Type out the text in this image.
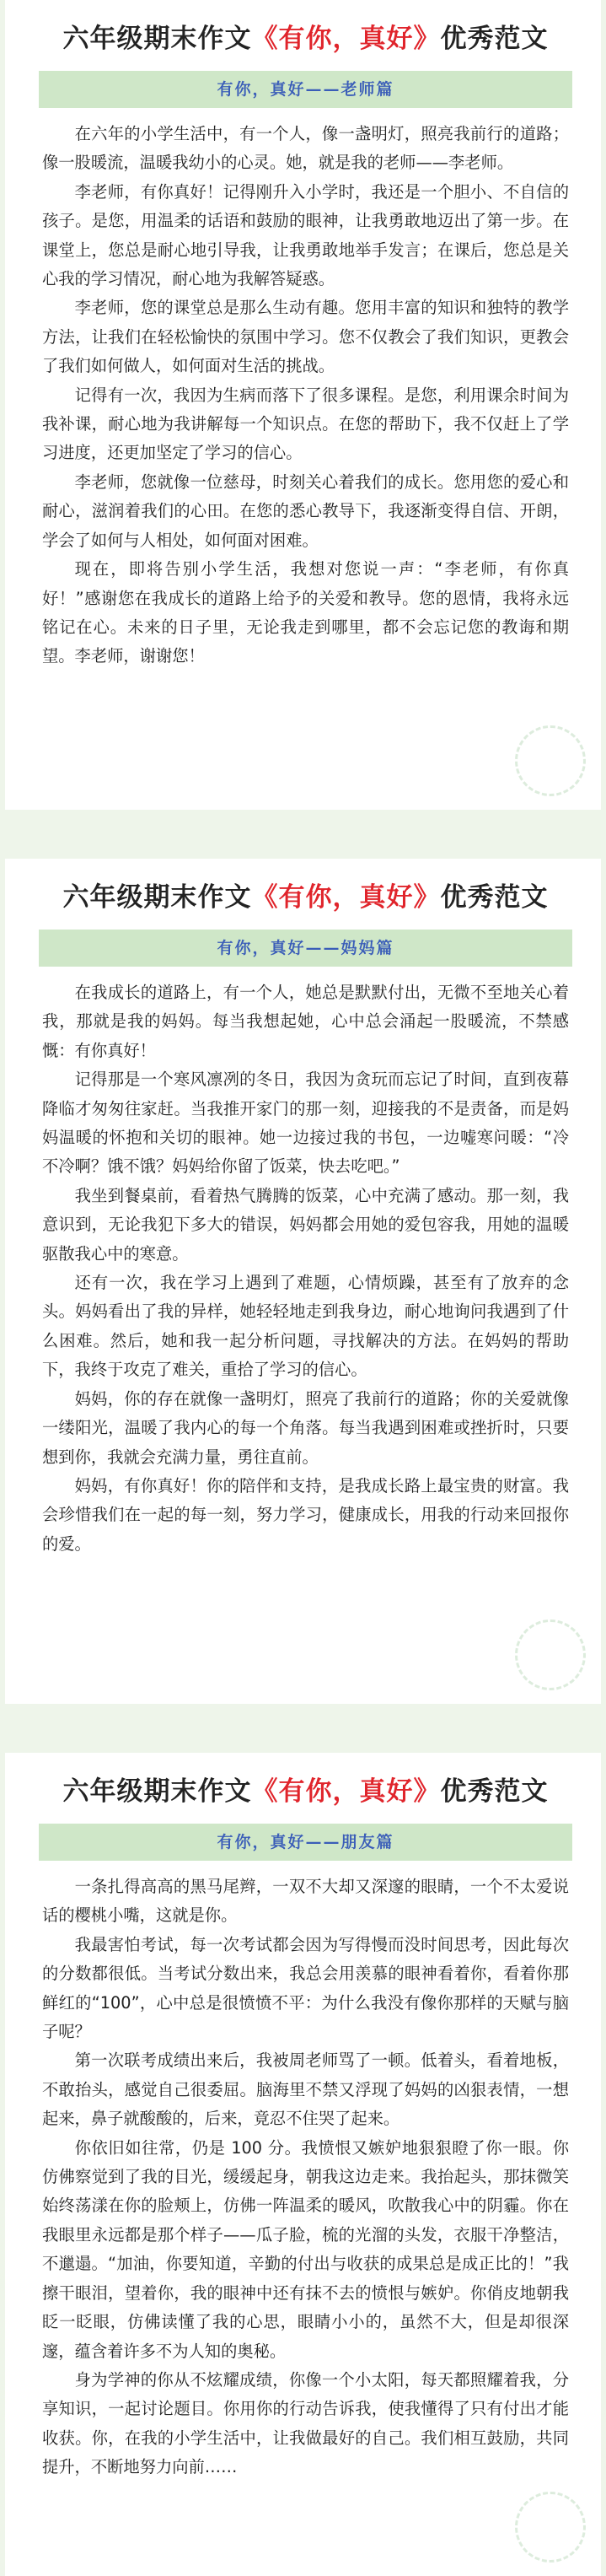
六年级期末作文《有你，真好》优秀范文
有你，真好——老师篇

在六年的小学生活中，有一个人，像一盏明灯，照亮我前行的道路；像一股暖流，温暖我幼小的心灵。她，就是我的老师——李老师。

李老师，有你真好！记得刚升入小学时，我还是一个胆小、不自信的孩子。是您，用温柔的话语和鼓励的眼神，让我勇敢地迈出了第一步。在课堂上，您总是耐心地引导我，让我勇敢地举手发言；在课后，您总是关心我的学习情况，耐心地为我解答疑惑。

李老师，您的课堂总是那么生动有趣。您用丰富的知识和独特的教学方法，让我们在轻松愉快的氛围中学习。您不仅教会了我们知识，更教会了我们如何做人，如何面对生活的挑战。

记得有一次，我因为生病而落下了很多课程。是您，利用课余时间为我补课，耐心地为我讲解每一个知识点。在您的帮助下，我不仅赶上了学习进度，还更加坚定了学习的信心。

李老师，您就像一位慈母，时刻关心着我们的成长。您用您的爱心和耐心，滋润着我们的心田。在您的悉心教导下，我逐渐变得自信、开朗，学会了如何与人相处，如何面对困难。

现在，即将告别小学生活，我想对您说一声：“李老师，有你真好！”感谢您在我成长的道路上给予的关爱和教导。您的恩情，我将永远铭记在心。未来的日子里，无论我走到哪里，都不会忘记您的教诲和期望。李老师，谢谢您！

六年级期末作文《有你，真好》优秀范文
有你，真好——妈妈篇

在我成长的道路上，有一个人，她总是默默付出，无微不至地关心着我，那就是我的妈妈。每当我想起她，心中总会涌起一股暖流，不禁感慨：有你真好！

记得那是一个寒风凛冽的冬日，我因为贪玩而忘记了时间，直到夜幕降临才匆匆往家赶。当我推开家门的那一刻，迎接我的不是责备，而是妈妈温暖的怀抱和关切的眼神。她一边接过我的书包，一边嘘寒问暖：“冷不冷啊？饿不饿？妈妈给你留了饭菜，快去吃吧。”

我坐到餐桌前，看着热气腾腾的饭菜，心中充满了感动。那一刻，我意识到，无论我犯下多大的错误，妈妈都会用她的爱包容我，用她的温暖驱散我心中的寒意。

还有一次，我在学习上遇到了难题，心情烦躁，甚至有了放弃的念头。妈妈看出了我的异样，她轻轻地走到我身边，耐心地询问我遇到了什么困难。然后，她和我一起分析问题，寻找解决的方法。在妈妈的帮助下，我终于攻克了难关，重拾了学习的信心。

妈妈，你的存在就像一盏明灯，照亮了我前行的道路；你的关爱就像一缕阳光，温暖了我内心的每一个角落。每当我遇到困难或挫折时，只要想到你，我就会充满力量，勇往直前。

妈妈，有你真好！你的陪伴和支持，是我成长路上最宝贵的财富。我会珍惜我们在一起的每一刻，努力学习，健康成长，用我的行动来回报你的爱。

六年级期末作文《有你，真好》优秀范文
有你，真好——朋友篇

一条扎得高高的黑马尾辫，一双不大却又深邃的眼睛，一个不太爱说话的樱桃小嘴，这就是你。

我最害怕考试，每一次考试都会因为写得慢而没时间思考，因此每次的分数都很低。当考试分数出来，我总会用羡慕的眼神看着你，看着你那鲜红的“100”，心中总是很愤愤不平：为什么我没有像你那样的天赋与脑子呢？

第一次联考成绩出来后，我被周老师骂了一顿。低着头，看着地板，不敢抬头，感觉自己很委屈。脑海里不禁又浮现了妈妈的凶狠表情，一想起来，鼻子就酸酸的，后来，竟忍不住哭了起来。

你依旧如往常，仍是 100 分。我愤恨又嫉妒地狠狠瞪了你一眼。你仿佛察觉到了我的目光，缓缓起身，朝我这边走来。我抬起头，那抹微笑始终荡漾在你的脸颊上，仿佛一阵温柔的暖风，吹散我心中的阴霾。你在我眼里永远都是那个样子——瓜子脸，梳的光溜的头发，衣服干净整洁，不邋遢。“加油，你要知道，辛勤的付出与收获的成果总是成正比的！”我擦干眼泪，望着你，我的眼神中还有抹不去的愤恨与嫉妒。你俏皮地朝我眨一眨眼，仿佛读懂了我的心思，眼睛小小的，虽然不大，但是却很深邃，蕴含着许多不为人知的奥秘。

身为学神的你从不炫耀成绩，你像一个小太阳，每天都照耀着我，分享知识，一起讨论题目。你用你的行动告诉我，使我懂得了只有付出才能收获。你，在我的小学生活中，让我做最好的自己。我们相互鼓励，共同提升，不断地努力向前……
